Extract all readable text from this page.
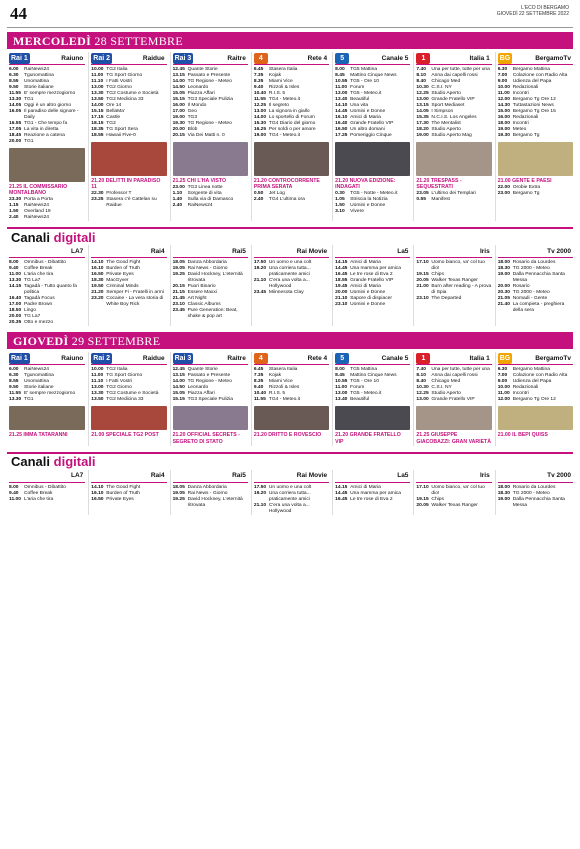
44	L'ECO DI BERGAMO
GIOVEDÌ 22 SETTEMBRE 2022
MERCOLEDÌ 28 SETTEMBRE
Rai 1	Raiuno
6.00	RaiNews24
6.30	Tgunomattina
8.55	Unomattina
9.50	Storie italiane
11.55 E' sempre mezzogiorno
13.30 TG1
14.05 Oggi è un altro giorno
16.05 Il paradiso delle signore - Daily
16.55 TG1 - Che tempo fa
17.05 La vita in diretta
18.45 Reazione a catena
20.00 TG1
21.25 IL COMMISSARIO MONTALBANO
23.30 Porta a Porta
1.15	RaiNews24
1.50	Overland 19
2.40	RaiNews24
Rai 2	Raidue
10.00 TG2 Italia
11.00 TG Sport Giorno
11.10 I Fatti Vostri
13.00 TG2 Giorno
13.30 TG2 Costume e Società
13.50 TG2 Medicina 33
14.00 Ore 14
15.15 BellaMa'
17.15 Castle
18.15 TG2
18.35 TG Sport Sera
18.55 Hawaii Five-0
21.20 DELITTI IN PARADISO 11
22.30 Professor T
23.25 Stasera c'è Cattelan su Raidue
Rai 3	Raitre
12.45 Quante Storie
13.15 Passato e Presente
14.00 TG Regione - Meteo
14.50 Leonardo
15.05 Piazza Affari
15.15 TG3 Speciale Pulizia
16.00 Il Mondo
17.00 Geo
19.00 TG3
19.30 TG Regione - Meteo
20.00 Blob
20.15 Via Dei Matti n. 0
21.25 CHI L'HA VISTO
23.00 TG3 Linea notte
1.10	Sorgente di vita
1.40	Sulla via di Damasco
2.40	RaiNews24
4	Rete 4
6.45	Stasera Italia
7.35	Kojak
8.35	Miami Vice
9.40	Rizzoli & Isles
10.40 R.I.S. 5
11.55 TG4 - Meteo.it
12.25 Il segreto
13.00 La signora in giallo
14.00 Lo sportello di Forum
15.30 TG4 Diario del giorno
16.25 Per soldi o per amore
19.00 TG4 - Meteo.it
21.20 CONTROCORRENTE PRIMA SERATA
0.50	Jet Log
2.40	TG4 L'ultima ora
5	Canale 5
8.00	TG5 Mattina
8.45	Mattino Cinque News
10.55 TG5 - Ore 10
11.00 Forum
13.00 TG5 - Meteo.it
13.40 Beautiful
14.10 Una vita
14.45 Uomini e Donne
16.10 Amici di Maria
16.40 Grande Fratello VIP
16.50 Un altro domani
17.25 Pomeriggio Cinque
21.20 NUOVA EDIZIONE: INDAGATI
0.30	TG5 - Notte - Meteo.it
1.05	Striscia la Notizia
1.50	Uomini e Donne
3.10	Vivere
1	Italia 1
7.40	Una per tutte, tutte per una
8.10	Anna dai capelli rossi
8.40	Chicago Med
10.30 C.S.I. NY
12.25 Studio Aperto
13.00 Grande Fratello VIP
13.15 Sport Mediaset
14.05 I Simpson
15.35 N.C.I.S. Los Angeles
17.30 The Mentalist
18.20 Studio Aperto
19.00 Studio Aperto Mag
21.20 TRESPASS - SEQUESTRATI
23.05 L'ultimo dei Templari
0.55	Manifest
BG	BergamoTv
6.30	Bergamo Mattina
7.00	Colazione con Radio Alta
9.00	Udienza del Papa
10.00 Redazionali
11.00 Incontri
12.00 Bergamo Tg Ore 12
14.30 Tuttastazioni News
15.00 Bergamo Tg Ore 15
16.00 Redazionali
18.00 Incontri
19.00 Meteo
19.30 Bergamo Tg
21.00 GENTE E PAESI
22.00 Orobie Extra
23.00 Bergamo Tg
Canali digitali
LA7
8.00	Omnibus - Dibattito
9.40	Coffee Break
11.00 L'aria che tira
13.30 TG La7
14.15 Tagadà - Tutto quanto fa politica
16.40 Tagadà Focus
17.00 Padre Brown
18.50 Lingo
20.00 TG La7
20.35 Otto e mezzo
Rai4
14.10 The Good Fight
16.10 Burden of Truth
16.50 Private Eyes
18.30 MacGyver
19.50 Criminal Minds
21.20 Semper Fi - Fratelli in armi
23.20 Cocaine - La vera storia di White Boy Rick
Rai5
18.05 Danza Abbordaria
19.05 Rai News - Giorno
19.25 David Hockney, L'eternità ritrovata
20.15 Puori Binario
21.15 Essere Maxxi
21.45 Art Night
23.10 Classic Albums
23.45 Pure Generation: Beat, shake & pop art
Rai Movie
17.50 Un uomo e una colt
19.20 Una corriera tutta... praticamente amici
21.10 C'era una volta a... Hollywood
23.45 Miinnesota Clay
La5
14.15 Amici di Maria
14.45 Una mamma per amica
16.45 Le tre rose di Eva 2
18.55 Grande Fratello VIP
19.45 Amici di Maria
20.00 Uomini e Donne
21.10 Sapore di dispiacer
23.10 Uomini e Donne
Iris
17.10 Uomo bianco, va' col tuo dio!
19.15 Chips
20.05 Walker Texas Ranger
21.00 Burn after reading - A prova di Spia
23.10 The Departed
Tv 2000
18.00 Rosario da Lourdes
18.30 TG 2000 - Meteo
19.00 Dalla Pennacchia Santa Messa
20.00 Rosario
20.30 TG 2000 - Meteo
21.05 Nomadi - Gente
21.40 La compieta - preghiera della sera
GIOVEDÌ 29 SETTEMBRE
Rai 1	Raiuno
6.00	RaiNews24
6.30	Tgunomattina
8.55	Unomattina
9.50	Storie italiane
11.55 E' sempre mezzogiorno
13.30 TG1
21.25 IMMA TATARANNI
Rai 2	Raidue
10.00 TG2 Italia
11.00 TG Sport Giorno
11.10 I Fatti Vostri
13.00 TG2 Giorno
13.30 TG2 Costume e Società
13.50 TG2 Medicina 33
21.00 SPECIALE TG2 POST
Rai 3	Raitre
12.45 Quante Storie
13.15 Passato e Presente
14.00 TG Regione - Meteo
14.50 Leonardo
15.05 Piazza Affari
15.15 TG3 Speciale Pulizia
21.20 OFFICIAL SECRETS - SEGRETO DI STATO
4	Rete 4
6.45	Stasera Italia
7.35	Kojak
8.35	Miami Vice
9.40	Rizzoli & Isles
10.40 R.I.S. 5
11.55 TG4 - Meteo.it
21.20 DRITTO E ROVESCIO
5	Canale 5
8.00	TG5 Mattina
8.45	Mattino Cinque News
10.55 TG5 - Ore 10
11.00 Forum
13.00 TG5 - Meteo.it
13.40 Beautiful
21.20 GRANDE FRATELLO VIP
1	Italia 1
7.40	Una per tutte, tutte per una
8.10	Anna dai capelli rossi
8.40	Chicago Med
10.30 C.S.I. NY
12.25 Studio Aperto
13.00 Grande Fratello VIP
21.25 GIUSEPPE GIACOBAZZI: GRAN VARIETÀ
BG	BergamoTv
6.30	Bergamo Mattina
7.00	Colazione con Radio Alta
9.00	Udienza del Papa
10.00 Redazionali
11.00 Incontri
12.00 Bergamo Tg Ore 12
21.00 IL BEPI QUISS
Canali digitali
LA7
8.00	Omnibus - Dibattito
9.40	Coffee Break
11.00 L'aria che tira
Rai4
14.10 The Good Fight
16.10 Burden of Truth
16.50 Private Eyes
Rai5
18.05 Danza Abbordaria
19.05 Rai News - Giorno
19.25 David Hockney, L'eternità ritrovata
Rai Movie
17.50 Un uomo e una colt
19.20 Una corriera tutta... praticamente amici
21.10 C'era una volta a... Hollywood
La5
14.15 Amici di Maria
14.45 Una mamma per amica
16.45 Le tre rose di Eva 2
Iris
17.10 Uomo bianco, va' col tuo dio!
19.15 Chips
20.05 Walker Texas Ranger
Tv 2000
18.00 Rosario da Lourdes
18.30 TG 2000 - Meteo
19.00 Dalla Pennacchia Santa Messa
